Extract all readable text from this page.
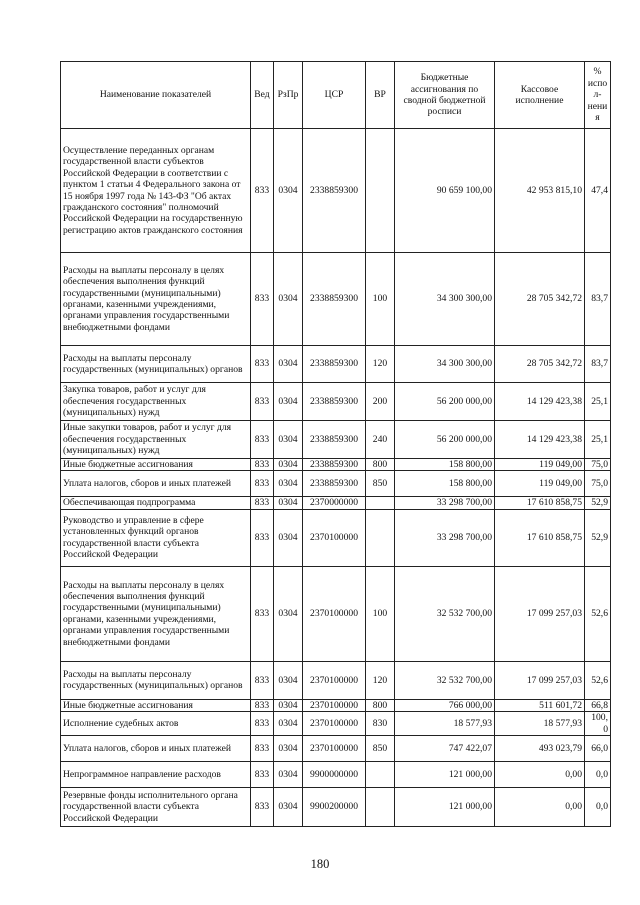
Наименование показателей	Вед	РзПр	ЦСР	ВР	Бюджетные ассигнования по сводной бюджетной росписи	Кассовое исполнение	% испол-нения
Осуществление переданных органам государственной власти субъектов Российской Федерации в соответствии с пунктом 1 статьи 4 Федерального закона от 15 ноября 1997 года № 143-ФЗ "Об актах гражданского состояния" полномочий Российской Федерации на государственную регистрацию актов гражданского состояния	833	0304	2338859300		90 659 100,00	42 953 815,10	47,4
Расходы на выплаты персоналу в целях обеспечения выполнения функций государственными (муниципальными) органами, казенными учреждениями, органами управления государственными внебюджетными фондами	833	0304	2338859300	100	34 300 300,00	28 705 342,72	83,7
Расходы на выплаты персоналу государственных (муниципальных) органов	833	0304	2338859300	120	34 300 300,00	28 705 342,72	83,7
Закупка товаров, работ и услуг для обеспечения государственных (муниципальных) нужд	833	0304	2338859300	200	56 200 000,00	14 129 423,38	25,1
Иные закупки товаров, работ и услуг для обеспечения государственных (муниципальных) нужд	833	0304	2338859300	240	56 200 000,00	14 129 423,38	25,1
Иные бюджетные ассигнования	833	0304	2338859300	800	158 800,00	119 049,00	75,0
Уплата налогов, сборов и иных платежей	833	0304	2338859300	850	158 800,00	119 049,00	75,0
Обеспечивающая подпрограмма	833	0304	2370000000		33 298 700,00	17 610 858,75	52,9
Руководство и управление в сфере установленных функций органов государственной власти субъекта Российской Федерации	833	0304	2370100000		33 298 700,00	17 610 858,75	52,9
Расходы на выплаты персоналу в целях обеспечения выполнения функций государственными (муниципальными) органами, казенными учреждениями, органами управления государственными внебюджетными фондами	833	0304	2370100000	100	32 532 700,00	17 099 257,03	52,6
Расходы на выплаты персоналу государственных (муниципальных) органов	833	0304	2370100000	120	32 532 700,00	17 099 257,03	52,6
Иные бюджетные ассигнования	833	0304	2370100000	800	766 000,00	511 601,72	66,8
Исполнение судебных актов	833	0304	2370100000	830	18 577,93	18 577,93	100,0
Уплата налогов, сборов и иных платежей	833	0304	2370100000	850	747 422,07	493 023,79	66,0
Непрограммное направление расходов	833	0304	9900000000		121 000,00	0,00	0,0
Резервные фонды исполнительного органа государственной власти субъекта Российской Федерации	833	0304	9900200000		121 000,00	0,00	0,0
180
